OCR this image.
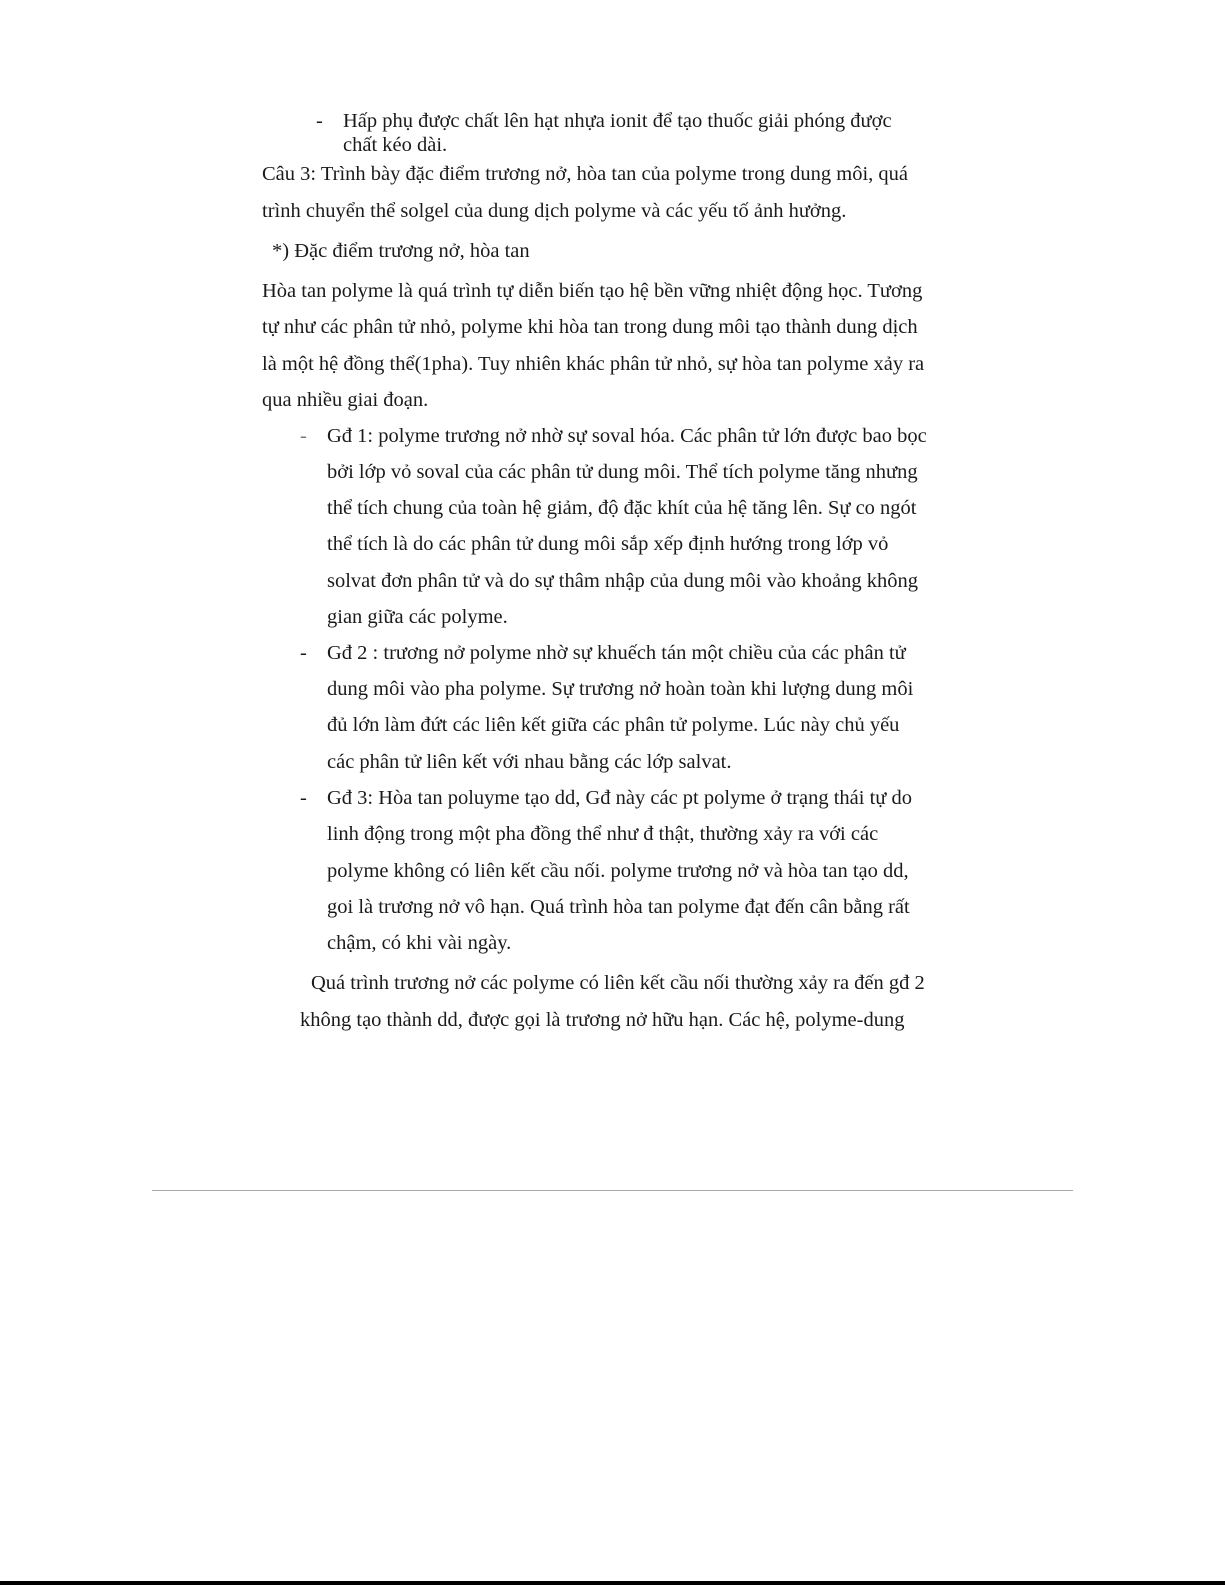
- Hấp phụ được chất lên hạt nhựa ionit để tạo thuốc giải phóng được
chất kéo dài.
Câu 3: Trình bày đặc điểm trương nở, hòa tan của polyme trong dung môi, quá
trình chuyển thể solgel của dung dịch polyme và các yếu tố ảnh hưởng.
*) Đặc điểm trương nở, hòa tan
Hòa tan polyme là quá trình tự diễn biến tạo hệ bền vững nhiệt động học. Tương
tự như các phân tử nhỏ, polyme khi hòa tan trong dung môi tạo thành dung dịch
là một hệ đồng thể(1pha). Tuy nhiên khác phân tử nhỏ, sự hòa tan polyme xảy ra
qua nhiều giai đoạn.
- Gđ 1: polyme trương nở nhờ sự soval hóa. Các phân tử lớn được bao bọc
bởi lớp vỏ soval của các phân tử dung môi. Thể tích polyme tăng nhưng
thể tích chung của toàn hệ giảm, độ đặc khít của hệ tăng lên. Sự co ngót
thể tích là do các phân tử dung môi sắp xếp định hướng trong lớp vỏ
solvat đơn phân tử và do sự thâm nhập của dung môi vào khoảng không
gian giữa các polyme.
- Gđ 2 : trương nở polyme nhờ sự khuếch tán một chiều của các phân tử
dung môi vào pha polyme. Sự trương nở hoàn toàn khi lượng dung môi
đủ lớn làm đứt các liên kết giữa các phân tử polyme. Lúc này chủ yếu
các phân tử liên kết với nhau bằng các lớp salvat.
- Gđ 3: Hòa tan poluyme tạo dd, Gđ này các pt polyme ở trạng thái tự do
linh động trong một pha đồng thể như đ thật, thường xảy ra với các
polyme không có liên kết cầu nối. polyme trương nở và hòa tan tạo dd,
goi là trương nở vô hạn. Quá trình hòa tan polyme đạt đến cân bằng rất
chậm, có khi vài ngày.
Quá trình trương nở các polyme có liên kết cầu nối thường xảy ra đến gđ 2
không tạo thành dd, được gọi là trương nở hữu hạn. Các hệ, polyme-dung
